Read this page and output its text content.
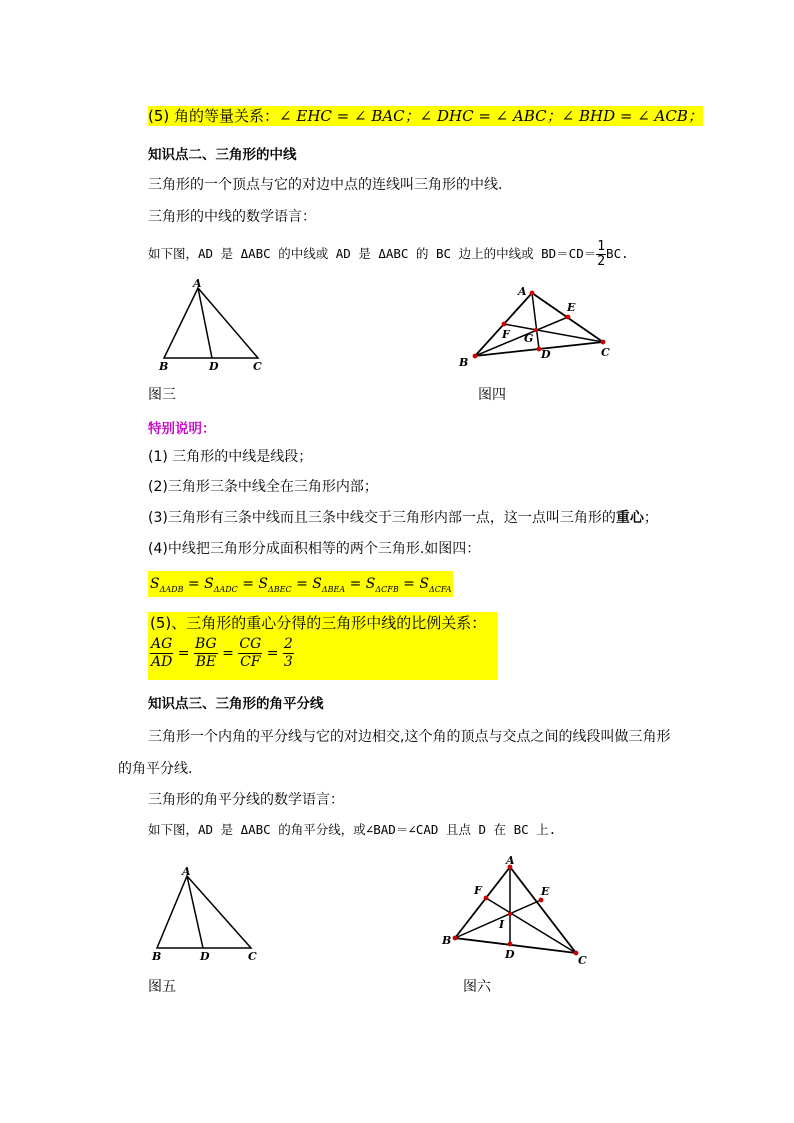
(5) 角的等量关系：∠ EHC = ∠ BAC；∠ DHC = ∠ ABC；∠ BHD = ∠ ACB；
知识点二、三角形的中线
三角形的一个顶点与它的对边中点的连线叫三角形的中线.
三角形的中线的数学语言：
如下图，AD 是 ΔABC 的中线或 AD 是 ΔABC 的 BC 边上的中线或 $BD=CD= \frac{1}{2}$ BC.
A
B	D	C
图三
A
B
C
D
E
F G
图四
特别说明：
(1) 三角形的中线是线段；
(2)三角形三条中线全在三角形内部；
(3)三角形有三条中线而且三条中线交于三角形内部一点，这一点叫三角形的重心；
(4)中线把三角形分成面积相等的两个三角形.如图四：
$S_{\Delta ADB} = S_{\Delta ADC} = S_{\Delta BEC} = S_{\Delta BEA} = S_{\Delta CFB} = S_{\Delta CFA}$
(5)、三角形的重心分得的三角形中线的比例关系：
$\frac{AG}{AD} = \frac{BG}{BE} = \frac{CG}{CF} = \frac{2}{3}$
知识点三、三角形的角平分线
三角形一个内角的平分线与它的对边相交,这个角的顶点与交点之间的线段叫做三角形
的角平分线.
三角形的角平分线的数学语言：
如下图，AD 是 ΔABC 的角平分线，或∠BAD＝∠CAD 且点 D 在 BC 上.
A
B	D	C
图五
A
B
C
D
E
F
I
图六
